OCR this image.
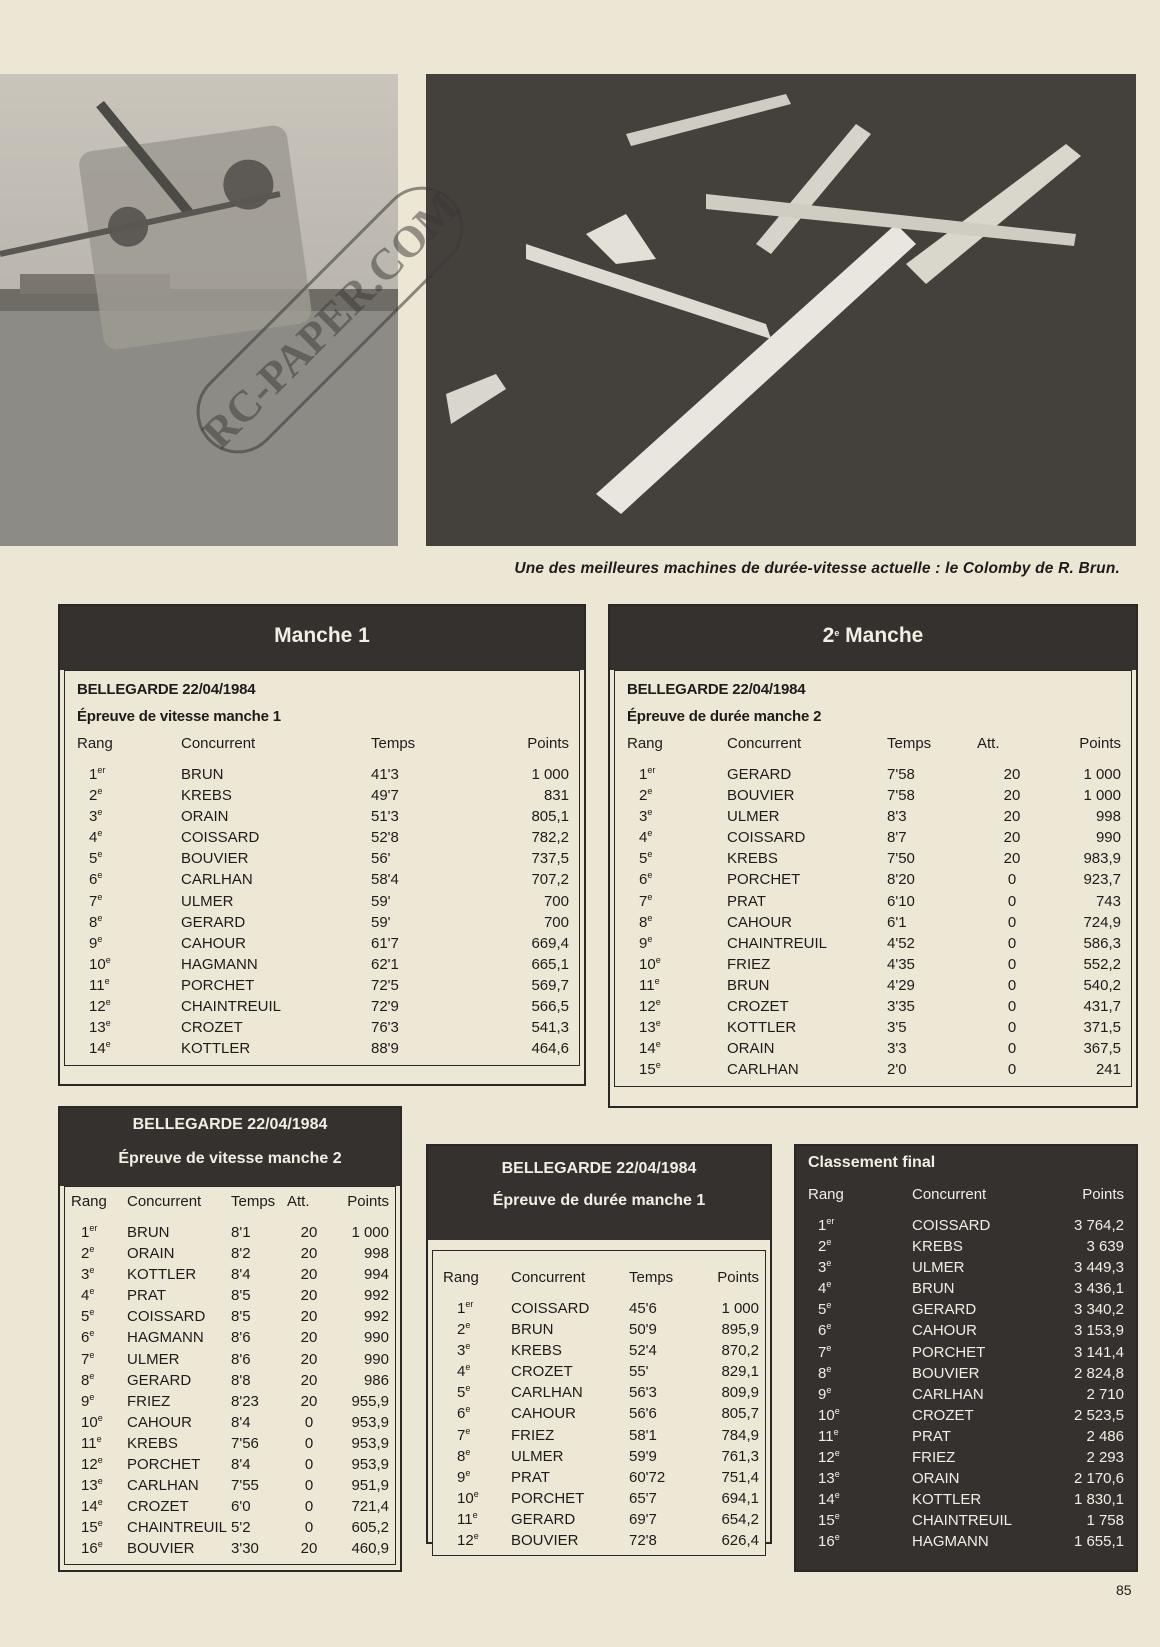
RC-PAPER.COM
Une des meilleures machines de durée-vitesse actuelle : le Colomby de R. Brun.
Manche 1
BELLEGARDE 22/04/1984
Épreuve de vitesse manche 1
Rang	Concurrent	Temps	Points
1er	BRUN	41'3	1 000
2e	KREBS	49'7	831
3e	ORAIN	51'3	805,1
4e	COISSARD	52'8	782,2
5e	BOUVIER	56'	737,5
6e	CARLHAN	58'4	707,2
7e	ULMER	59'	700
8e	GERARD	59'	700
9e	CAHOUR	61'7	669,4
10e	HAGMANN	62'1	665,1
11e	PORCHET	72'5	569,7
12e	CHAINTREUIL	72'9	566,5
13e	CROZET	76'3	541,3
14e	KOTTLER	88'9	464,6
2e Manche
BELLEGARDE 22/04/1984
Épreuve de durée manche 2
Rang	Concurrent	Temps	Att.	Points
1er	GERARD	7'58	20	1 000
2e	BOUVIER	7'58	20	1 000
3e	ULMER	8'3	20	998
4e	COISSARD	8'7	20	990
5e	KREBS	7'50	20	983,9
6e	PORCHET	8'20	0	923,7
7e	PRAT	6'10	0	743
8e	CAHOUR	6'1	0	724,9
9e	CHAINTREUIL	4'52	0	586,3
10e	FRIEZ	4'35	0	552,2
11e	BRUN	4'29	0	540,2
12e	CROZET	3'35	0	431,7
13e	KOTTLER	3'5	0	371,5
14e	ORAIN	3'3	0	367,5
15e	CARLHAN	2'0	0	241
BELLEGARDE 22/04/1984
Épreuve de vitesse manche 2
Rang	Concurrent	Temps	Att.	Points
1er	BRUN	8'1	20	1 000
2e	ORAIN	8'2	20	998
3e	KOTTLER	8'4	20	994
4e	PRAT	8'5	20	992
5e	COISSARD	8'5	20	992
6e	HAGMANN	8'6	20	990
7e	ULMER	8'6	20	990
8e	GERARD	8'8	20	986
9e	FRIEZ	8'23	20	955,9
10e	CAHOUR	8'4	0	953,9
11e	KREBS	7'56	0	953,9
12e	PORCHET	8'4	0	953,9
13e	CARLHAN	7'55	0	951,9
14e	CROZET	6'0	0	721,4
15e	CHAINTREUIL	5'2	0	605,2
16e	BOUVIER	3'30	20	460,9
BELLEGARDE 22/04/1984
Épreuve de durée manche 1
Rang	Concurrent	Temps	Points
1er	COISSARD	45'6	1 000
2e	BRUN	50'9	895,9
3e	KREBS	52'4	870,2
4e	CROZET	55'	829,1
5e	CARLHAN	56'3	809,9
6e	CAHOUR	56'6	805,7
7e	FRIEZ	58'1	784,9
8e	ULMER	59'9	761,3
9e	PRAT	60'72	751,4
10e	PORCHET	65'7	694,1
11e	GERARD	69'7	654,2
12e	BOUVIER	72'8	626,4
Classement final
Rang	Concurrent	Points
1er	COISSARD	3 764,2
2e	KREBS	3 639
3e	ULMER	3 449,3
4e	BRUN	3 436,1
5e	GERARD	3 340,2
6e	CAHOUR	3 153,9
7e	PORCHET	3 141,4
8e	BOUVIER	2 824,8
9e	CARLHAN	2 710
10e	CROZET	2 523,5
11e	PRAT	2 486
12e	FRIEZ	2 293
13e	ORAIN	2 170,6
14e	KOTTLER	1 830,1
15e	CHAINTREUIL	1 758
16e	HAGMANN	1 655,1
85
